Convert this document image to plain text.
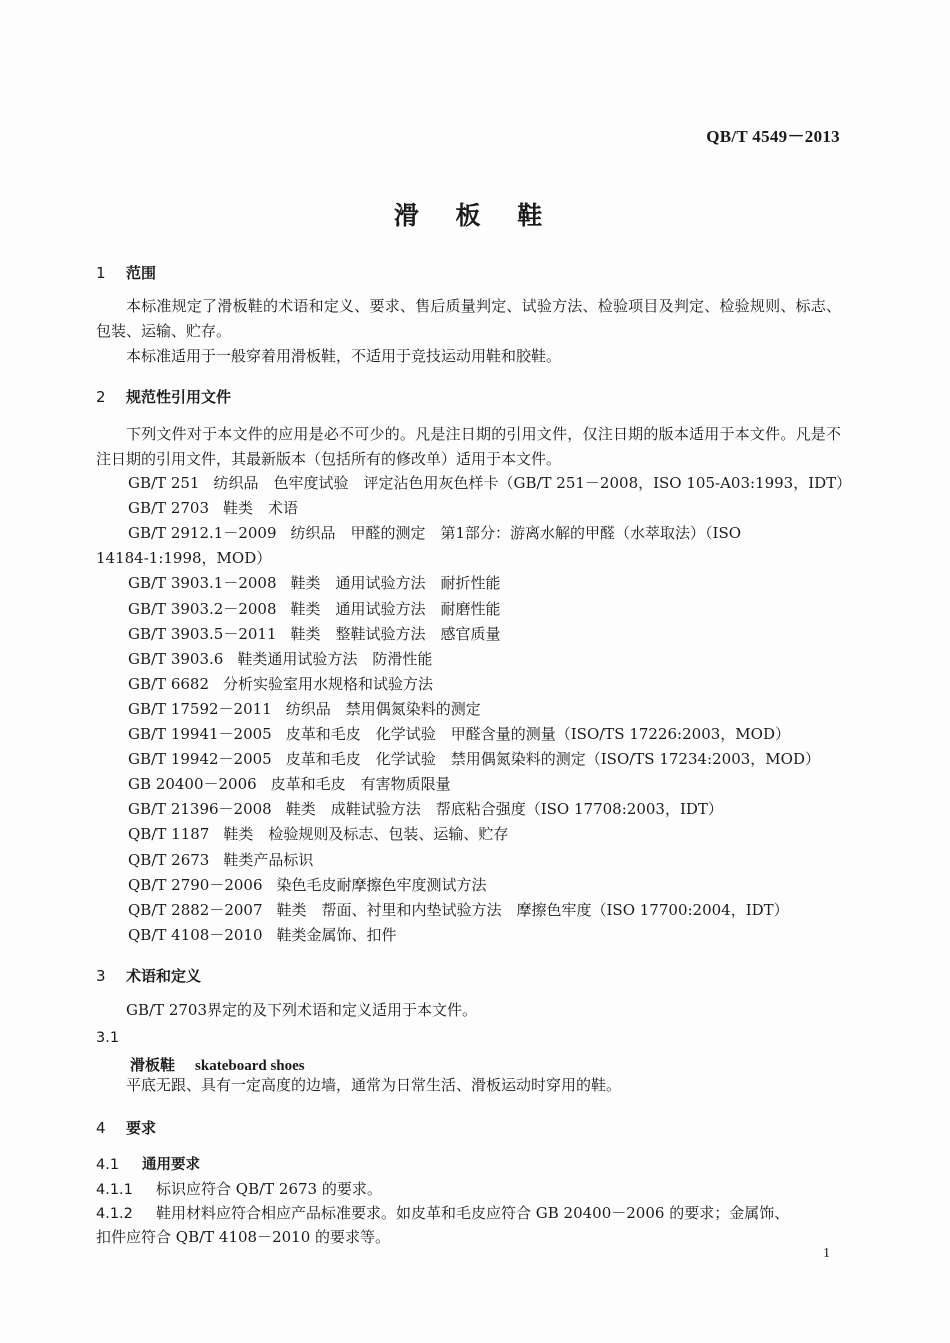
QB/T 4549－2013
滑 板 鞋
1 范围
本标准规定了滑板鞋的术语和定义、要求、售后质量判定、试验方法、检验项目及判定、检验规则、标志、包装、运输、贮存。
本标准适用于一般穿着用滑板鞋，不适用于竞技运动用鞋和胶鞋。
2 规范性引用文件
下列文件对于本文件的应用是必不可少的。凡是注日期的引用文件，仅注日期的版本适用于本文件。凡是不注日期的引用文件，其最新版本（包括所有的修改单）适用于本文件。
GB/T 251 纺织品　色牢度试验　评定沾色用灰色样卡（GB/T 251－2008，ISO 105-A03:1993，IDT）
GB/T 2703 鞋类　术语
GB/T 2912.1－2009 纺织品　甲醛的测定　第1部分：游离水解的甲醛（水萃取法）（ISO
14184-1:1998，MOD）
GB/T 3903.1－2008 鞋类　通用试验方法　耐折性能
GB/T 3903.2－2008 鞋类　通用试验方法　耐磨性能
GB/T 3903.5－2011 鞋类　整鞋试验方法　感官质量
GB/T 3903.6 鞋类通用试验方法　防滑性能
GB/T 6682 分析实验室用水规格和试验方法
GB/T 17592－2011 纺织品　禁用偶氮染料的测定
GB/T 19941－2005 皮革和毛皮　化学试验　甲醛含量的测量（ISO/TS 17226:2003，MOD）
GB/T 19942－2005 皮革和毛皮　化学试验　禁用偶氮染料的测定（ISO/TS 17234:2003，MOD）
GB 20400－2006 皮革和毛皮　有害物质限量
GB/T 21396－2008 鞋类　成鞋试验方法　帮底粘合强度（ISO 17708:2003，IDT）
QB/T 1187 鞋类　检验规则及标志、包装、运输、贮存
QB/T 2673 鞋类产品标识
QB/T 2790－2006 染色毛皮耐摩擦色牢度测试方法
QB/T 2882－2007 鞋类　帮面、衬里和内垫试验方法　摩擦色牢度（ISO 17700:2004，IDT）
QB/T 4108－2010 鞋类金属饰、扣件
3 术语和定义
GB/T 2703界定的及下列术语和定义适用于本文件。
3.1
滑板鞋 skateboard shoes
平底无跟、具有一定高度的边墙，通常为日常生活、滑板运动时穿用的鞋。
4 要求
4.1 通用要求
4.1.1 标识应符合 QB/T 2673 的要求。
4.1.2 鞋用材料应符合相应产品标准要求。如皮革和毛皮应符合 GB 20400－2006 的要求；金属饰、
扣件应符合 QB/T 4108－2010 的要求等。
1
